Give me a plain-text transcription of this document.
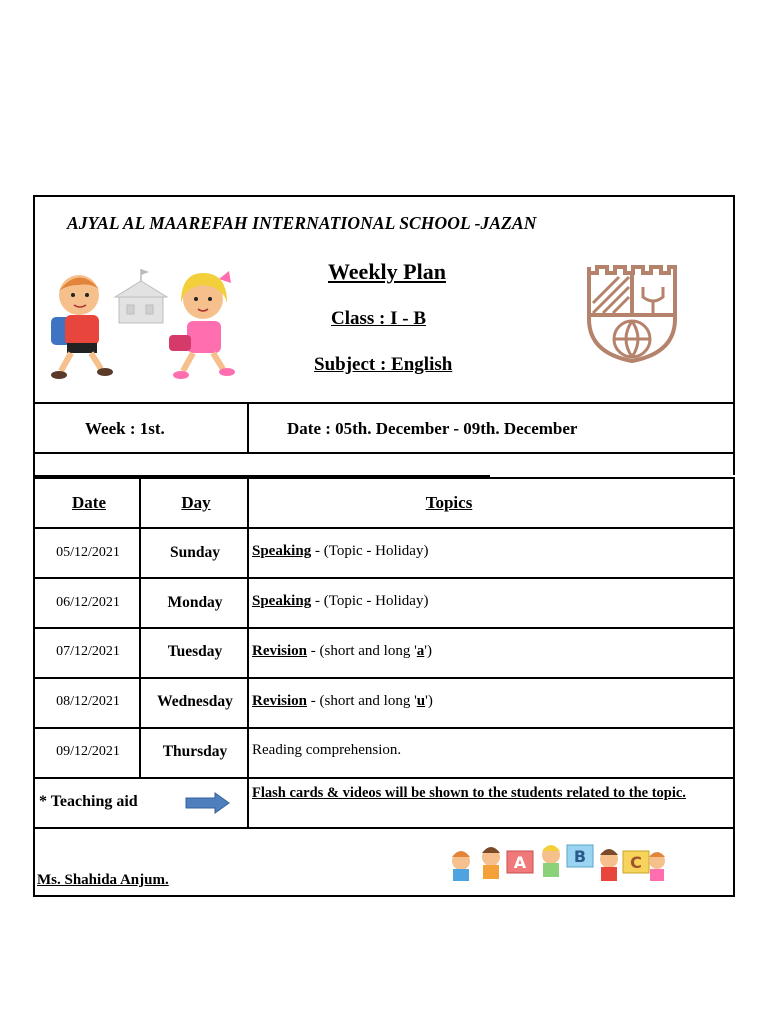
AJYAL AL MAAREFAH INTERNATIONAL SCHOOL -JAZAN
Weekly Plan
Class : I - B
Subject : English
Week : 1st.	Date : 05th. December - 09th. December
Date	Day	Topics
05/12/2021	Sunday	Speaking - (Topic - Holiday)
06/12/2021	Monday	Speaking - (Topic - Holiday)
07/12/2021	Tuesday	Revision - (short and long 'a')
08/12/2021	Wednesday	Revision - (short and long 'u')
09/12/2021	Thursday	Reading comprehension.
* Teaching aid	Flash cards & videos will be shown to the students related to the topic.
Ms. Shahida Anjum.
A	B	C
